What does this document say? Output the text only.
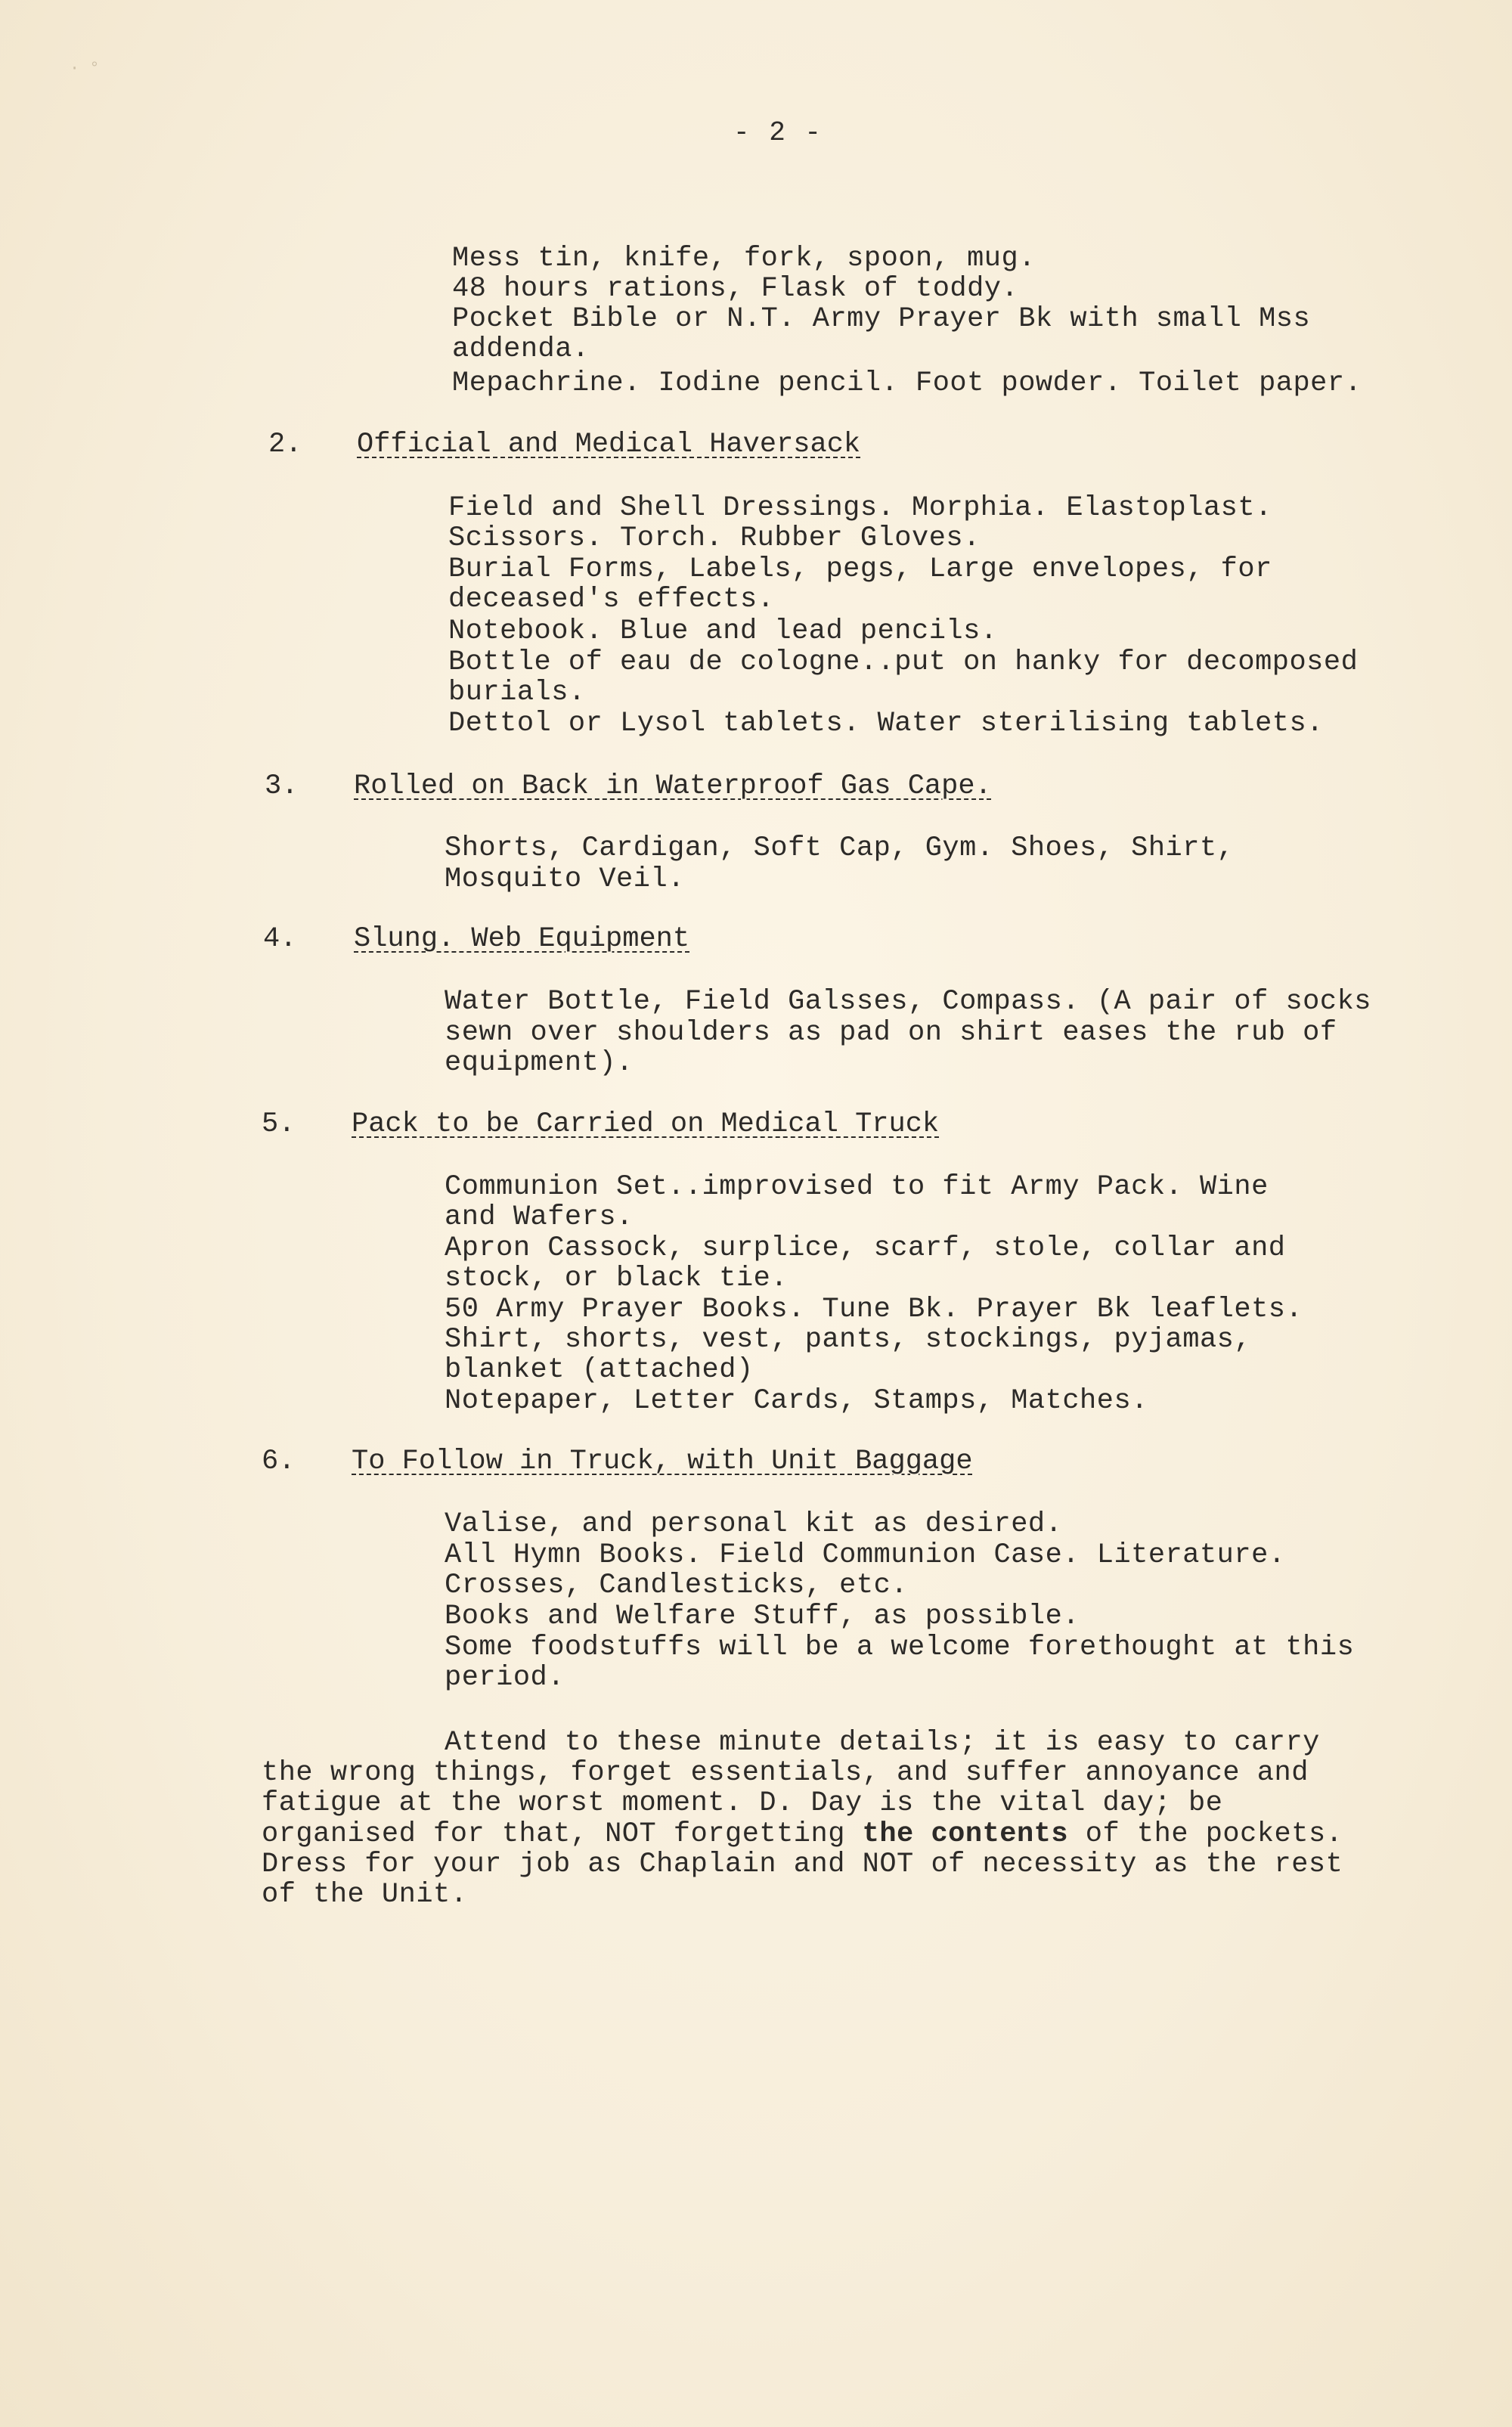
· °
- 2 -
Mess tin, knife, fork, spoon, mug.
48 hours rations, Flask of toddy.
Pocket Bible or N.T. Army Prayer Bk with small Mss
addenda.
Mepachrine. Iodine pencil. Foot powder. Toilet paper.
2. Official and Medical Haversack
Field and Shell Dressings. Morphia. Elastoplast.
Scissors. Torch. Rubber Gloves.
Burial Forms, Labels, pegs, Large envelopes, for
deceased's effects.
Notebook. Blue and lead pencils.
Bottle of eau de cologne..put on hanky for decomposed
burials.
Dettol or Lysol tablets. Water sterilising tablets.
3. Rolled on Back in Waterproof Gas Cape.
Shorts, Cardigan, Soft Cap, Gym. Shoes, Shirt,
Mosquito Veil.
4. Slung. Web Equipment
Water Bottle, Field Galsses, Compass. (A pair of socks
sewn over shoulders as pad on shirt eases the rub of
equipment).
5. Pack to be Carried on Medical Truck
Communion Set..improvised to fit Army Pack. Wine
and Wafers.
Apron Cassock, surplice, scarf, stole, collar and
stock, or black tie.
50 Army Prayer Books. Tune Bk. Prayer Bk leaflets.
Shirt, shorts, vest, pants, stockings, pyjamas,
blanket (attached)
Notepaper, Letter Cards, Stamps, Matches.
6. To Follow in Truck, with Unit Baggage
Valise, and personal kit as desired.
All Hymn Books. Field Communion Case. Literature.
Crosses, Candlesticks, etc.
Books and Welfare Stuff, as possible.
Some foodstuffs will be a welcome forethought at this
period.
Attend to these minute details; it is easy to carry
the wrong things, forget essentials, and suffer annoyance and
fatigue at the worst moment. D. Day is the vital day; be
organised for that, NOT forgetting the contents of the pockets.
Dress for your job as Chaplain and NOT of necessity as the rest
of the Unit.
